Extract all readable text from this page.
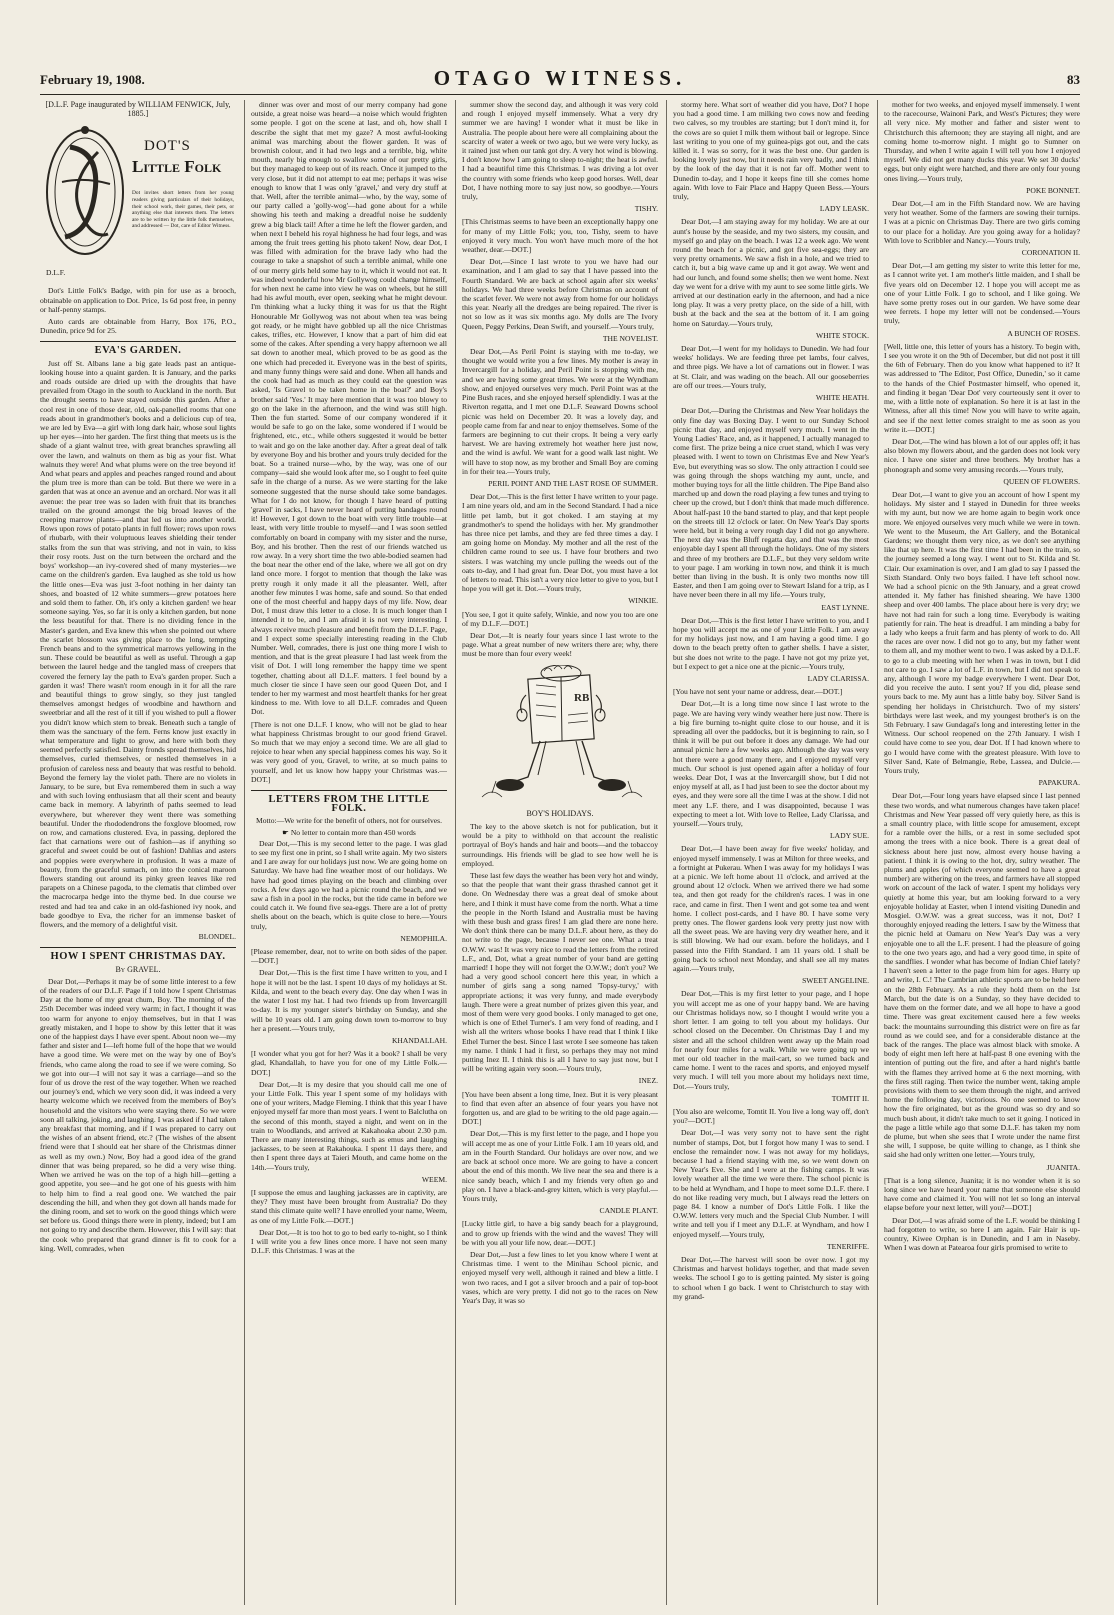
February 19, 1908.	OTAGO WITNESS.	83
[D.L.F. Page inaugurated by WILLIAM FENWICK, July, 1885.]
DOT'S
Little Folk
Dot invites short letters from her young readers giving particulars of their holidays, their school work, their games, their pets, or anything else that interests them. The letters are to be written by the little folk themselves, and addressed — Dot, care of Editor Witness.
D.L.F.

Dot's Little Folk's Badge, with pin for use as a brooch, obtainable on application to Dot. Price, 1s 6d post free, in penny or half-penny stamps.

Auto cards are obtainable from Harry, Box 176, P.O., Dunedin, price 9d for 25.

EVA'S GARDEN.

Just off St. Albans lane a big gate leads past an antique-looking house into a quaint garden. It is January, and the parks and roads outside are dried up with the droughts that have prevailed from Otago in the south to Auckland in the north. But the drought seems to have stayed outside this garden. After a cool rest in one of those dear, old, oak-panelled rooms that one reads about in grandmother's books and a delicious cup of tea, we are led by Eva—a girl with long dark hair, whose soul lights up her eyes—into her garden. The first thing that meets us is the shade of a giant walnut tree, with great branches sprawling all over the lawn, and walnuts on them as big as your fist. What walnuts they were! And what plums were on the tree beyond it! And what pears and apples and peaches ranged round and about the plum tree is more than can be told. But there we were in a garden that was at once an avenue and an orchard. Nor was it all avenue: the pear tree was so laden with fruit that its branches trailed on the ground amongst the big broad leaves of the creeping marrow plants—and that led us into another world. Rows upon rows of potato plants in full flower; rows upon rows of rhubarb, with their voluptuous leaves shielding their tender stalks from the sun that was striving, and not in vain, to kiss their rosy roots. Just on the turn between the orchard and the boys' workshop—an ivy-covered shed of many mysteries—we came on the children's garden. Eva laughed as she told us how the little ones—Eva was just 3-foot nothing in her dainty tan shoes, and boasted of 12 white summers—grew potatoes here and sold them to father. Oh, it's only a kitchen garden! we hear someone saying. Yes, so far it is only a kitchen garden, but none the less beautiful for that. There is no dividing fence in the Master's garden, and Eva knew this when she pointed out where the scarlet blossom was giving place to the long, tempting French beans and to the symmetrical marrows yellowing in the sun. These could be beautiful as well as useful. Through a gap between the laurel hedge and the tangled mass of creepers that covered the fernery lay the path to Eva's garden proper. Such a garden it was! There wasn't room enough in it for all the rare and beautiful things to grow singly, so they just tangled themselves amongst hedges of woodbine and hawthorn and sweetbriar and all the rest of it till if you wished to pull a flower you didn't know which stem to break. Beneath such a tangle of them was the sanctuary of the fern. Ferns know just exactly in what temperature and light to grow, and here with both they seemed perfectly satisfied. Dainty fronds spread themselves, hid themselves, curled themselves, or nestled themselves in a profusion of careless ness and beauty that was restful to behold. Beyond the fernery lay the violet path. There are no violets in January, to be sure, but Eva remembered them in such a way and with such loving enthusiasm that all their scent and beauty came back in memory. A labyrinth of paths seemed to lead everywhere, but wherever they went there was something beautiful. Under the rhododendrons the foxglove bloomed, row on row, and carnations clustered. Eva, in passing, deplored the fact that carnations were out of fashion—as if anything so graceful and sweet could be out of fashion! Dahlias and asters and poppies were everywhere in profusion. It was a maze of beauty, from the graceful sumach, on into the conical maroon flowers standing out around its pinky green leaves like red parapets on a Chinese pagoda, to the clematis that climbed over the macrocarpa hedge into the thyme bed. In due course we rested and had tea and cake in an old-fashioned ivy nook, and bade goodbye to Eva, the richer for an immense basket of flowers, and the memory of a delightful visit.

BLONDEL.

HOW I SPENT CHRISTMAS DAY.
By GRAVEL.

Dear Dot,—Perhaps it may be of some little interest to a few of the readers of our D.L.F. Page if I told how I spent Christmas Day at the home of my great chum, Boy. The morning of the 25th December was indeed very warm; in fact, I thought it was too warm for anyone to enjoy themselves, but in that I was greatly mistaken, and I hope to show by this letter that it was one of the happiest days I have ever spent. About noon we—my father and sister and I—left home full of the hope that we would have a good time. We were met on the way by one of Boy's friends, who came along the road to see if we were coming. So we got into our—I will not say it was a carriage—and so the four of us drove the rest of the way together. When we reached our journey's end, which we very soon did, it was indeed a very hearty welcome which we received from the members of Boy's household and the visitors who were staying there. So we were soon all talking, joking, and laughing. I was asked if I had taken any breakfast that morning, and if I was prepared to carry out the wishes of an absent friend, etc.? (The wishes of the absent friend were that I should eat her share of the Christmas dinner as well as my own.) Now, Boy had a good idea of the grand dinner that was being prepared, so he did a very wise thing. When we arrived he was on the top of a high hill—getting a good appetite, you see—and he got one of his guests with him to help him to find a real good one. We watched the pair descending the hill, and when they got down all hands made for the dining room, and set to work on the good things which were set before us. Good things there were in plenty, indeed; but I am not going to try and describe them. However, this I will say: that the cook who prepared that grand dinner is fit to cook for a king. Well, comrades, when

dinner was over and most of our merry company had gone outside, a great noise was heard—a noise which would frighten some people. I got on the scene at last, and oh, how shall I describe the sight that met my gaze? A most awful-looking animal was marching about the flower garden. It was of brownish colour, and it had two legs and a terrible, big, white mouth, nearly big enough to swallow some of our pretty girls, but they managed to keep out of its reach. Once it jumped to the very close, but it did not attempt to eat me; perhaps it was wise enough to know that I was only 'gravel,' and very dry stuff at that. Well, after the terrible animal—who, by the way, some of our party called a 'golly-wog'—had gone about for a while showing his teeth and making a dreadful noise he suddenly grew a big black tail! After a time he left the flower garden, and when next I beheld his royal highness he had four legs, and was among the fruit trees getting his photo taken! Now, dear Dot, I was filled with admiration for the brave lady who had the courage to take a snapshot of such a terrible animal, while one of our merry girls held some hay to it, which it would not eat. It was indeed wonderful how Mr Gollywog could change himself, for when next he came into view he was on wheels, but he still had his awful mouth, ever open, seeking what he might devour. I'm thinking what a lucky thing it was for us that the Right Honourable Mr Gollywog was not about when tea was being got ready, or he might have gobbled up all the nice Christmas cakes, trifles, etc. However, I know that a part of him did eat some of the cakes. After spending a very happy afternoon we all sat down to another meal, which proved to be as good as the one which had preceded it. Everyone was in the best of spirits, and many funny things were said and done. When all hands and the cook had had as much as they could eat the question was asked, 'Is Gravel to be taken home in the boat?' and Boy's brother said 'Yes.' It may here mention that it was too blowy to go on the lake in the afternoon, and the wind was still high. Then the fun started. Some of our company wondered if it would be safe to go on the lake, some wondered if I would be frightened, etc., etc., while others suggested it would be better to wait and go on the lake another day. After a great deal of talk by everyone Boy and his brother and yours truly decided for the boat. So a trained nurse—who, by the way, was one of our company—said she would look after me, so I ought to feel quite safe in the charge of a nurse. As we were starting for the lake someone suggested that the nurse should take some bandages. What for I do not know, for though I have heard of putting 'gravel' in sacks, I have never heard of putting bandages round it! However, I got down to the boat with very little trouble—at least, with very little trouble to myself—and I was soon settled comfortably on board in company with my sister and the nurse, Boy, and his brother. Then the rest of our friends watched us row away. In a very short time the two able-bodied seamen had the boat near the other end of the lake, where we all got on dry land once more. I forgot to mention that though the lake was pretty rough it only made it all the pleasanter. Well, after another few minutes I was home, safe and sound. So that ended one of the most cheerful and happy days of my life. Now, dear Dot, I must draw this letter to a close. It is much longer than I intended it to be, and I am afraid it is not very interesting. I always receive much pleasure and benefit from the D.L.F. Page, and I expect some specially interesting reading in the Club Number. Well, comrades, there is just one thing more I wish to mention, and that is the great pleasure I had last week from the visit of Dot. I will long remember the happy time we spent together, chatting about all D.L.F. matters. I feel bound by a much closer tie since I have seen our good Queen Dot, and I tender to her my warmest and most heartfelt thanks for her great kindness to me. With love to all D.L.F. comrades and Queen Dot.

[There is not one D.L.F. I know, who will not be glad to hear what happiness Christmas brought to our good friend Gravel. So much that we may enjoy a second time. We are all glad to rejoice to hear when any special happiness comes his way. So it was very good of you, Gravel, to write, at so much pains to yourself, and let us know how happy your Christmas was.—DOT.]

LETTERS FROM THE LITTLE FOLK.
Motto:—We write for the benefit of others, not for ourselves.
☛ No letter to contain more than 450 words

Dear Dot,—This is my second letter to the page. I was glad to see my first one in print, so I shall write again. My two sisters and I are away for our holidays just now. We are going home on Saturday. We have had fine weather most of our holidays. We have had good times playing on the beach and climbing over rocks. A few days ago we had a picnic round the beach, and we saw a fish in a pool in the rocks, but the tide came in before we could catch it. We found five sea-eggs. There are a lot of pretty shells about on the beach, which is quite close to here.—Yours truly,

NEMOPHILA.

[Please remember, dear, not to write on both sides of the paper.—DOT.]

Dear Dot,—This is the first time I have written to you, and I hope it will not be the last. I spent 10 days of my holidays at St. Kilda, and went to the beach every day. One day when I was in the water I lost my hat. I had two friends up from Invercargill to-day. It is my younger sister's birthday on Sunday, and she will be 10 years old. I am going down town to-morrow to buy her a present.—Yours truly,

KHANDALLAH.

[I wonder what you got for her? Was it a book? I shall be very glad, Khandallah, to have you for one of my Little Folk.—DOT.]

Dear Dot,—It is my desire that you should call me one of your Little Folk. This year I spent some of my holidays with one of your writers, Madge Fleming. I think that this year I have enjoyed myself far more than most years. I went to Balclutha on the second of this month, stayed a night, and went on in the train to Woodlands, and arrived at Kakahoaka about 2.30 p.m. There are many interesting things, such as emus and laughing jackasses, to be seen at Rakahouka. I spent 11 days there, and then I spent three days at Taieri Mouth, and came home on the 14th.—Yours truly,

WEEM.

[I suppose the emus and laughing jackasses are in captivity, are they? They must have been brought from Australia? Do they stand this climate quite well? I have enrolled your name, Weem, as one of my Little Folk.—DOT.]

Dear Dot,—It is too hot to go to bed early to-night, so I think I will write you a few lines once more. I have not seen many D.L.F. this Christmas. I was at the

summer show the second day, and although it was very cold and rough I enjoyed myself immensely. What a very dry summer we are having! I wonder what it must be like in Australia. The people about here were all complaining about the scarcity of water a week or two ago, but we were very lucky, as it rained just when our tank got dry. A very hot wind is blowing. I don't know how I am going to sleep to-night; the heat is awful. I had a beautiful time this Christmas. I was driving a lot over the country with some friends who keep good horses. Well, dear Dot, I have nothing more to say just now, so goodbye.—Yours truly,

TISHY.

[This Christmas seems to have been an exceptionally happy one for many of my Little Folk; you, too, Tishy, seem to have enjoyed it very much. You won't have much more of the hot weather, dear.—DOT.]

Dear Dot,—Since I last wrote to you we have had our examination, and I am glad to say that I have passed into the Fourth Standard. We are back at school again after six weeks' holidays. We had three weeks before Christmas on account of the scarlet fever. We were not away from home for our holidays this year. Nearly all the dredges are being repaired. The river is not so low as it was six months ago. My dolls are The Ivory Queen, Peggy Perkins, Dean Swift, and yourself.—Yours truly,

THE NOVELIST.

Dear Dot,—As Peril Point is staying with me to-day, we thought we would write you a few lines. My mother is away in Invercargill for a holiday, and Peril Point is stopping with me, and we are having some great times. We were at the Wyndham show, and enjoyed ourselves very much. Peril Point was at the Pine Bush races, and she enjoyed herself splendidly. I was at the Riverton regatta, and I met one D.L.F. Seaward Downs school picnic was held on December 20. It was a lovely day, and people came from far and near to enjoy themselves. Some of the farmers are beginning to cut their crops. It being a very early harvest. We are having extremely hot weather here just now, and the wind is awful. We want for a good walk last night. We will have to stop now, as my brother and Small Boy are coming in for their tea.—Yours truly,

PERIL POINT AND THE LAST ROSE OF SUMMER.

Dear Dot,—This is the first letter I have written to your page. I am nine years old, and am in the Second Standard. I had a nice little pet lamb, but it got choked. I am staying at my grandmother's to spend the holidays with her. My grandmother has three nice pet lambs, and they are fed three times a day. I am going home on Monday. My mother and all the rest of the children came round to see us. I have four brothers and two sisters. I was watching my uncle pulling the weeds out of the oats to-day, and I had great fun. Dear Dot, you must have a lot of letters to read. This isn't a very nice letter to give to you, but I hope you will get it. Dot.—Yours truly,

WINKIE.

[You see, I got it quite safely, Winkie, and now you too are one of my D.L.F.—DOT.]

Dear Dot,—It is nearly four years since I last wrote to the page. What a great number of new writers there are; why, there must be more than four every week!

RB
BOY'S HOLIDAYS.

The key to the above sketch is not for publication, but it would be a pity to withhold on that account the realistic portrayal of Boy's hands and hair and boots—and the tobaccoy surroundings. His friends will be glad to see how well he is employed.

These last few days the weather has been very hot and windy, so that the people that want their grass thrashed cannot get it done. On Wednesday there was a great deal of smoke about here, and I think it must have come from the north. What a time the people in the North Island and Australia must be having with these bush and grass fires! I am glad there are none here. We don't think there can be many D.L.F. about here, as they do not write to the page, because I never see one. What a treat O.W.W. was! It was very nice to read the letters from the retired L.F., and, Dot, what a great number of your band are getting married! I hope they will not forget the O.W.W.; don't you? We had a very good school concert here this year, in which a number of girls sang a song named 'Topsy-turvy,' with appropriate actions; it was very funny, and made everybody laugh. There were a great number of prizes given this year, and most of them were very good books. I only managed to get one, which is one of Ethel Turner's. I am very fond of reading, and I wish all the writers whose books I have read that I think I like Ethel Turner the best. Since I last wrote I see someone has taken my name. I think I had it first, so perhaps they may not mind putting Inez II. I think this is all I have to say just now, but I will be writing again very soon.—Yours truly,

INEZ.

[You have been absent a long time, Inez. But it is very pleasant to find that even after an absence of four years you have not forgotten us, and are glad to be writing to the old page again.—DOT.]

Dear Dot,—This is my first letter to the page, and I hope you will accept me as one of your Little Folk. I am 10 years old, and am in the Fourth Standard. Our holidays are over now, and we are back at school once more. We are going to have a concert about the end of this month. We live near the sea and there is a nice sandy beach, which I and my friends very often go and play on. I have a black-and-grey kitten, which is very playful.—Yours truly,

CANDLE PLANT.

[Lucky little girl, to have a big sandy beach for a playground, and to grow up friends with the wind and the waves! They will be with you all your life now, dear.—DOT.]

Dear Dot,—Just a few lines to let you know where I went at Christmas time. I went to the Minihau School picnic, and enjoyed myself very well, although it rained and blew a little. I won two races, and I got a silver brooch and a pair of top-boot vases, which are very pretty. I did not go to the races on New Year's Day, it was so

stormy here. What sort of weather did you have, Dot? I hope you had a good time. I am milking two cows now and feeding two calves, so my troubles are starting; but I don't mind it, for the cows are so quiet I milk them without bail or legrope. Since last writing to you one of my guinea-pigs got out, and the cats killed it. I was so sorry, for it was the best one. Our garden is looking lovely just now, but it needs rain very badly, and I think by the look of the day that it is not far off. Mother went to Dunedin to-day, and I hope it keeps fine till she comes home again. With love to Fair Place and Happy Queen Bess.—Yours truly,

LADY LEASK.

Dear Dot,—I am staying away for my holiday. We are at our aunt's house by the seaside, and my two sisters, my cousin, and myself go and play on the beach. I was 12 a week ago. We went round the beach for a picnic, and got five sea-eggs; they are very pretty ornaments. We saw a fish in a hole, and we tried to catch it, but a big wave came up and it got away. We went and had our lunch, and found some shells; then we went home. Next day we went for a drive with my aunt to see some little girls. We arrived at our destination early in the afternoon, and had a nice long play. It was a very pretty place, on the side of a hill, with bush at the back and the sea at the bottom of it. I am going home on Saturday.—Yours truly,

WHITE STOCK.

Dear Dot,—I went for my holidays to Dunedin. We had four weeks' holidays. We are feeding three pet lambs, four calves, and three pigs. We have a lot of carnations out in flower. I was at St. Clair, and was wading on the beach. All our gooseberries are off our trees.—Yours truly,

WHITE HEATH.

Dear Dot,—During the Christmas and New Year holidays the only fine day was Boxing Day. I went to our Sunday School picnic that day, and enjoyed myself very much. I went in the Young Ladies' Race, and, as it happened, I actually managed to come first. The prize being a nice cruet stand, which I was very pleased with. I went to town on Christmas Eve and New Year's Eve, but everything was so slow. The only attraction I could see was going through the shops watching my aunt, uncle, and mother buying toys for all the little children. The Pipe Band also marched up and down the road playing a few tunes and trying to cheer up the crowd, but I don't think that made much difference. About half-past 10 the band started to play, and that kept people on the streets till 12 o'clock or later. On New Year's Day sports were held, but it being a very rough day I did not go anywhere. The next day was the Bluff regatta day, and that was the most enjoyable day I spent all through the holidays. One of my sisters and three of my brothers are D.L.F., but they very seldom write to your page. I am working in town now, and think it is much better than living in the bush. It is only two months now till Easter, and then I am going over to Stewart Island for a trip, as I have never been there in all my life.—Yours truly,

EAST LYNNE.

Dear Dot,—This is the first letter I have written to you, and I hope you will accept me as one of your Little Folk. I am away for my holidays just now, and I am having a good time. I go down to the beach pretty often to gather shells. I have a sister, but she does not write to the page. I have not got my prize yet, but I expect to get a nice one at the picnic.—Yours truly,

LADY CLARISSA.

[You have not sent your name or address, dear.—DOT.]

Dear Dot,—It is a long time now since I last wrote to the page. We are having very windy weather here just now. There is a big fire burning to-night quite close to our house, and it is spreading all over the paddocks, but it is beginning to rain, so I think it will be put out before it does any damage. We had our annual picnic here a few weeks ago. Although the day was very hot there were a good many there, and I enjoyed myself very much. Our school is just opened again after a holiday of four weeks. Dear Dot, I was at the Invercargill show, but I did not enjoy myself at all, as I had just been to see the doctor about my eyes, and they were sore all the time I was at the show. I did not meet any L.F. there, and I was disappointed, because I was expecting to meet a lot. With love to Rellee, Lady Clarissa, and yourself.—Yours truly,

LADY SUE.

Dear Dot,—I have been away for five weeks' holiday, and enjoyed myself immensely. I was at Milton for three weeks, and a fortnight at Pukerau. When I was away for my holidays I was at a picnic. We left home about 11 o'clock, and arrived at the ground about 12 o'clock. When we arrived there we had some tea, and then got ready for the children's races. I was in one race, and came in first. Then I went and got some tea and went home. I collect post-cards, and I have 80. I have some very pretty ones. The flower gardens look very pretty just now with all the sweet peas. We are having very dry weather here, and it is still blowing. We had our exam. before the holidays, and I passed into the Fifth Standard. I am 11 years old. I shall be going back to school next Monday, and shall see all my mates again.—Yours truly,

SWEET ANGELINE.

Dear Dot,—This is my first letter to your page, and I hope you will accept me as one of your happy band. We are having our Christmas holidays now, so I thought I would write you a short letter. I am going to tell you about my holidays. Our school closed on the December. On Christmas Day I and my sister and all the school children went away up the Main road for nearly four miles for a walk. While we were going up we met our old teacher in the mail-cart, so we turned back and came home. I went to the races and sports, and enjoyed myself very much. I will tell you more about my holidays next time, Dot.—Yours truly,

TOMTIT II.

[You also are welcome, Tomtit II. You live a long way off, don't you?—DOT.]

Dear Dot,—I was very sorry not to have sent the right number of stamps, Dot, but I forgot how many I was to send. I enclose the remainder now. I was not away for my holidays, because I had a friend staying with me, so we went down on New Year's Eve. She and I were at the fishing camps. It was lovely weather all the time we were there. The school picnic is to be held at Wyndham, and I hope to meet some D.L.F. there. I do not like reading very much, but I always read the letters on page 84. I know a number of Dot's Little Folk. I like the O.W.W. letters very much and the Special Club Number. I will write and tell you if I meet any D.L.F. at Wyndham, and how I enjoyed myself.—Yours truly,

TENERIFFE.

Dear Dot,—The harvest will soon be over now. I got my Christmas and harvest holidays together, and that made seven weeks. The school I go to is getting painted. My sister is going to school when I go back. I went to Christchurch to stay with my grand-

mother for two weeks, and enjoyed myself immensely. I went to the racecourse, Wainoni Park, and West's Pictures; they were all very nice. My mother and father and sister went to Christchurch this afternoon; they are staying all night, and are coming home to-morrow night. I might go to Sumner on Thursday, and when I write again I will tell you how I enjoyed myself. We did not get many ducks this year. We set 30 ducks' eggs, but only eight were hatched, and there are only four young ones living.—Yours truly,

POKE BONNET.

Dear Dot,—I am in the Fifth Standard now. We are having very hot weather. Some of the farmers are sowing their turnips. I was at a picnic on Christmas Day. There are two girls coming to our place for a holiday. Are you going away for a holiday? With love to Scribbler and Nancy.—Yours truly,

CORONATION II.

Dear Dot,—I am getting my sister to write this letter for me, as I cannot write yet. I am mother's little maiden, and I shall be five years old on December 12. I hope you will accept me as one of your Little Folk. I go to school, and I like going. We have some pretty roses out in our garden. We have some dear wee ferrets. I hope my letter will not be condensed.—Yours truly,

A BUNCH OF ROSES.

[Well, little one, this letter of yours has a history. To begin with, I see you wrote it on the 9th of December, but did not post it till the 6th of February. Then do you know what happened to it? It was addressed to 'The Editor, Post Office, Dunedin,' so it came to the hands of the Chief Postmaster himself, who opened it, and finding it began 'Dear Dot' very courteously sent it over to me, with a little note of explanation. So here it is at last in the Witness, after all this time! Now you will have to write again, and see if the next letter comes straight to me as soon as you write it.—DOT.]

Dear Dot,—The wind has blown a lot of our apples off; it has also blown my flowers about, and the garden does not look very nice. I have one sister and three brothers. My brother has a phonograph and some very amusing records.—Yours truly,

QUEEN OF FLOWERS.

Dear Dot,—I want to give you an account of how I spent my holidays. My sister and I stayed in Dunedin for three weeks with my aunt, but now we are home again to begin work once more. We enjoyed ourselves very much while we were in town. We went to the Museum, the Art Gallery, and the Botanical Gardens; we thought them very nice, as we don't see anything like that up here. It was the first time I had been in the train, so the journey seemed a long way. I went out to St. Kilda and St. Clair. Our examination is over, and I am glad to say I passed the Sixth Standard. Only two boys failed. I have left school now. We had a school picnic on the 9th January, and a great crowd attended it. My father has finished shearing. We have 1300 sheep and over 400 lambs. The place about here is very dry; we have not had rain for such a long time. Everybody is waiting patiently for rain. The heat is dreadful. I am minding a baby for a lady who keeps a fruit farm and has plenty of work to do. All the races are over now. I did not go to any, but my father went to them all, and my mother went to two. I was asked by a D.L.F. to go to a club meeting with her when I was in town, but I did not care to go. I saw a lot of L.F. in town, but I did not speak to any, although I wore my badge everywhere I went. Dear Dot, did you receive the auto. I sent you? If you did, please send yours back to me. My aunt has a little baby boy. Silver Sand is spending her holidays in Christchurch. Two of my sisters' birthdays were last week, and my youngest brother's is on the 5th February. I saw Gundagai's long and interesting letter in the Witness. Our school reopened on the 27th January. I wish I could have come to see you, dear Dot. If I had known where to go I would have come with the greatest pleasure. With love to Silver Sand, Kate of Belmangie, Rebe, Lassea, and Dulcie.—Yours truly,

PAPAKURA.

Dear Dot,—Four long years have elapsed since I last penned these two words, and what numerous changes have taken place! Christmas and New Year passed off very quietly here, as this is a small country place, with little scope for amusement, except for a ramble over the hills, or a rest in some secluded spot among the trees with a nice book. There is a great deal of sickness about here just now, almost every house having a patient. I think it is owing to the hot, dry, sultry weather. The plums and apples (of which everyone seemed to have a great number) are withering on the trees, and farmers have all stopped work on account of the lack of water. I spent my holidays very quietly at home this year, but am looking forward to a very enjoyable holiday at Easter, when I intend visiting Dunedin and Mosgiel. O.W.W. was a great success, was it not, Dot? I thoroughly enjoyed reading the letters. I saw by the Witness that the picnic held at Oamaru on New Year's Day was a very enjoyable one to all the L.F. present. I had the pleasure of going to the one two years ago, and had a very good time, in spite of the sandflies. I wonder what has become of Indian Chief lately? I haven't seen a letter to the page from him for ages. Hurry up and write, I. C.! The Cambrian athletic sports are to be held here on the 28th February. As a rule they hold them on the 1st March, but the date is on a Sunday, so they have decided to have them on the former date, and we all hope to have a good time. There was great excitement caused here a few weeks back: the mountains surrounding this district were on fire as far round as we could see, and for a considerable distance at the back of the ranges. The place was almost black with smoke. A body of eight men left here at half-past 8 one evening with the intention of putting out the fire, and after a hard night's battle with the flames they arrived home at 6 the next morning, with the fires still raging. Then twice the number went, taking ample provisions with them to see them through the night, and arrived home the following day, victorious. No one seemed to know how the fire originated, but as the ground was so dry and so much bush about, it didn't take much to set it going. I noticed in the page a little while ago that some D.L.F. has taken my nom de plume, but when she sees that I wrote under the name first she will, I suppose, be quite willing to change, as I think she said she had only written one letter.—Yours truly,

JUANITA.

[That is a long silence, Juanita; it is no wonder when it is so long since we have heard your name that someone else should have come and claimed it. You will not let so long an interval elapse before your next letter, will you?—DOT.]

Dear Dot,—I was afraid some of the L.F. would be thinking I had forgotten to write, so here I am again. Fair Hair is up-country, Kiwee Orphan is in Dunedin, and I am in Naseby. When I was down at Patearoa four girls promised to write to
